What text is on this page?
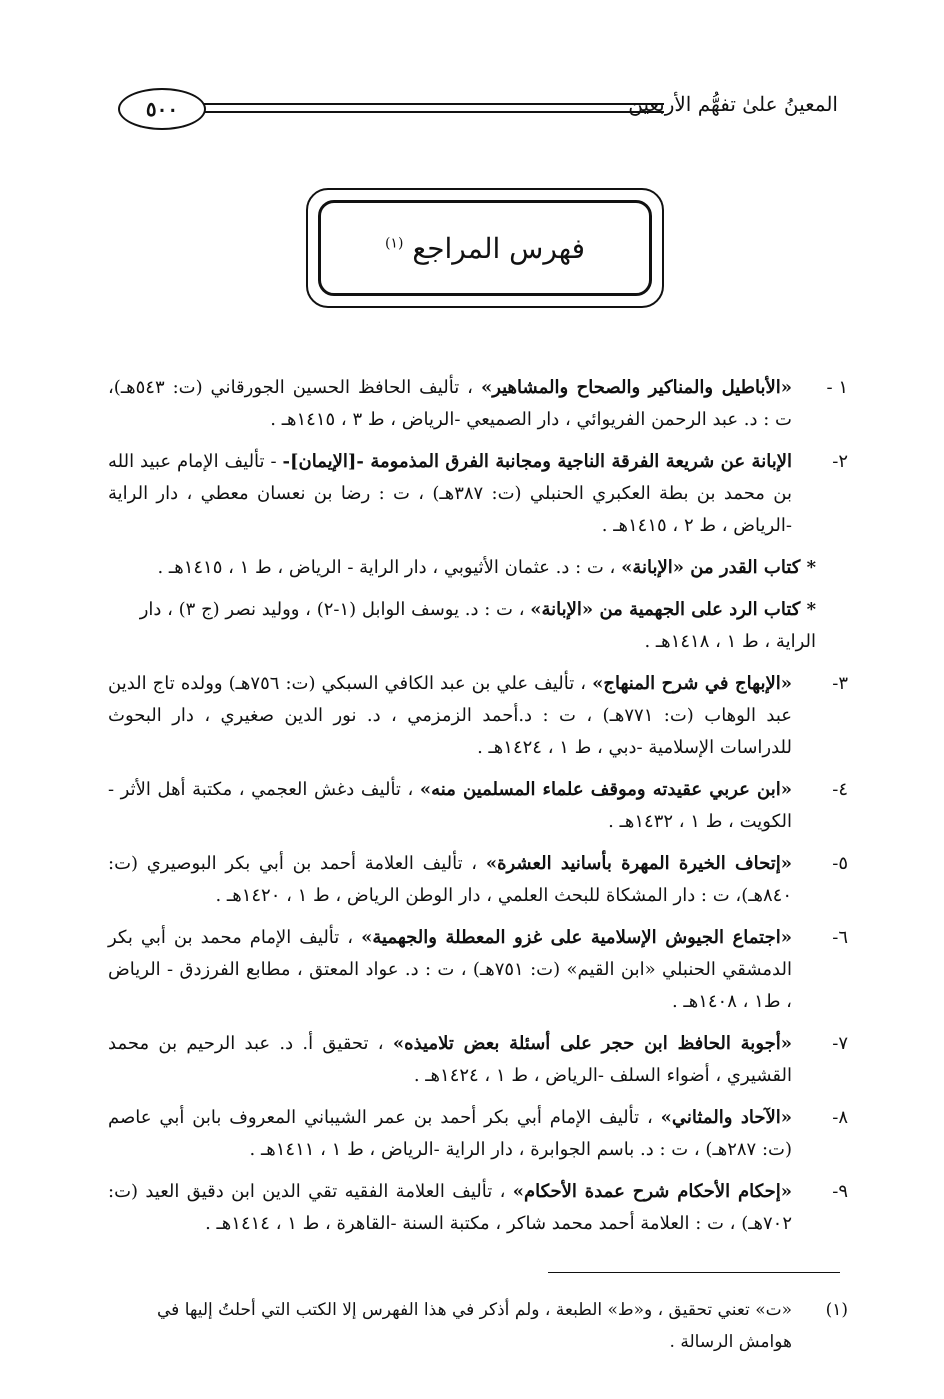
٥٠٠	المعينُ علىٰ تفهُّم الأربعين
فهرس المراجع $^{(١)}$
١ -
«الأباطيل والمناكير والصحاح والمشاهير» ، تأليف الحافظ الحسين الجورقاني (ت: ٥٤٣هـ)، ت : د. عبد الرحمن الفريوائي ، دار الصميعي -الرياض ، ط ٣ ، ١٤١٥هـ .
٢-
الإبانة عن شريعة الفرقة الناجية ومجانبة الفرق المذمومة -[الإيمان]- - تأليف الإمام عبيد الله بن محمد بن بطة العكبري الحنبلي (ت: ٣٨٧هـ) ، ت : رضا بن نعسان معطي ، دار الراية -الرياض ، ط ٢ ، ١٤١٥هـ .
* كتاب القدر من «الإبانة» ، ت : د. عثمان الأثيوبي ، دار الراية - الرياض ، ط ١ ، ١٤١٥هـ .
* كتاب الرد على الجهمية من «الإبانة» ، ت : د. يوسف الوابل (١-٢) ، ووليد نصر (ج ٣) ، دار الراية ، ط ١ ، ١٤١٨هـ .
٣-
«الإبهاج في شرح المنهاج» ، تأليف علي بن عبد الكافي السبكي (ت: ٧٥٦هـ) وولده تاج الدين عبد الوهاب (ت: ٧٧١هـ) ، ت : د.أحمد الزمزمي ، د. نور الدين صغيري ، دار البحوث للدراسات الإسلامية -دبي ، ط ١ ، ١٤٢٤هـ .
٤-
«ابن عربي عقيدته وموقف علماء المسلمين منه» ، تأليف دغش العجمي ، مكتبة أهل الأثر - الكويت ، ط ١ ، ١٤٣٢هـ .
٥-
«إتحاف الخيرة المهرة بأسانيد العشرة» ، تأليف العلامة أحمد بن أبي بكر البوصيري (ت: ٨٤٠هـ)، ت : دار المشكاة للبحث العلمي ، دار الوطن الرياض ، ط ١ ، ١٤٢٠هـ .
٦-
«اجتماع الجيوش الإسلامية على غزو المعطلة والجهمية» ، تأليف الإمام محمد بن أبي بكر الدمشقي الحنبلي «ابن القيم» (ت: ٧٥١هـ) ، ت : د. عواد المعتق ، مطابع الفرزدق - الرياض ، ط١ ، ١٤٠٨هـ .
٧-
«أجوبة الحافظ ابن حجر على أسئلة بعض تلاميذه» ، تحقيق أ. د. عبد الرحيم بن محمد القشيري ، أضواء السلف -الرياض ، ط ١ ، ١٤٢٤هـ .
٨-
«الآحاد والمثاني» ، تأليف الإمام أبي بكر أحمد بن عمر الشيباني المعروف بابن أبي عاصم (ت: ٢٨٧هـ) ، ت : د. باسم الجوابرة ، دار الراية -الرياض ، ط ١ ، ١٤١١هـ .
٩-
«إحكام الأحكام شرح عمدة الأحكام» ، تأليف العلامة الفقيه تقي الدين ابن دقيق العيد (ت: ٧٠٢هـ) ، ت : العلامة أحمد محمد شاكر ، مكتبة السنة -القاهرة ، ط ١ ، ١٤١٤هـ .
(١)
«ت» تعني تحقيق ، و«ط» الطبعة ، ولم أذكر في هذا الفهرس إلا الكتب التي أحلتُ إليها في هوامش الرسالة .
